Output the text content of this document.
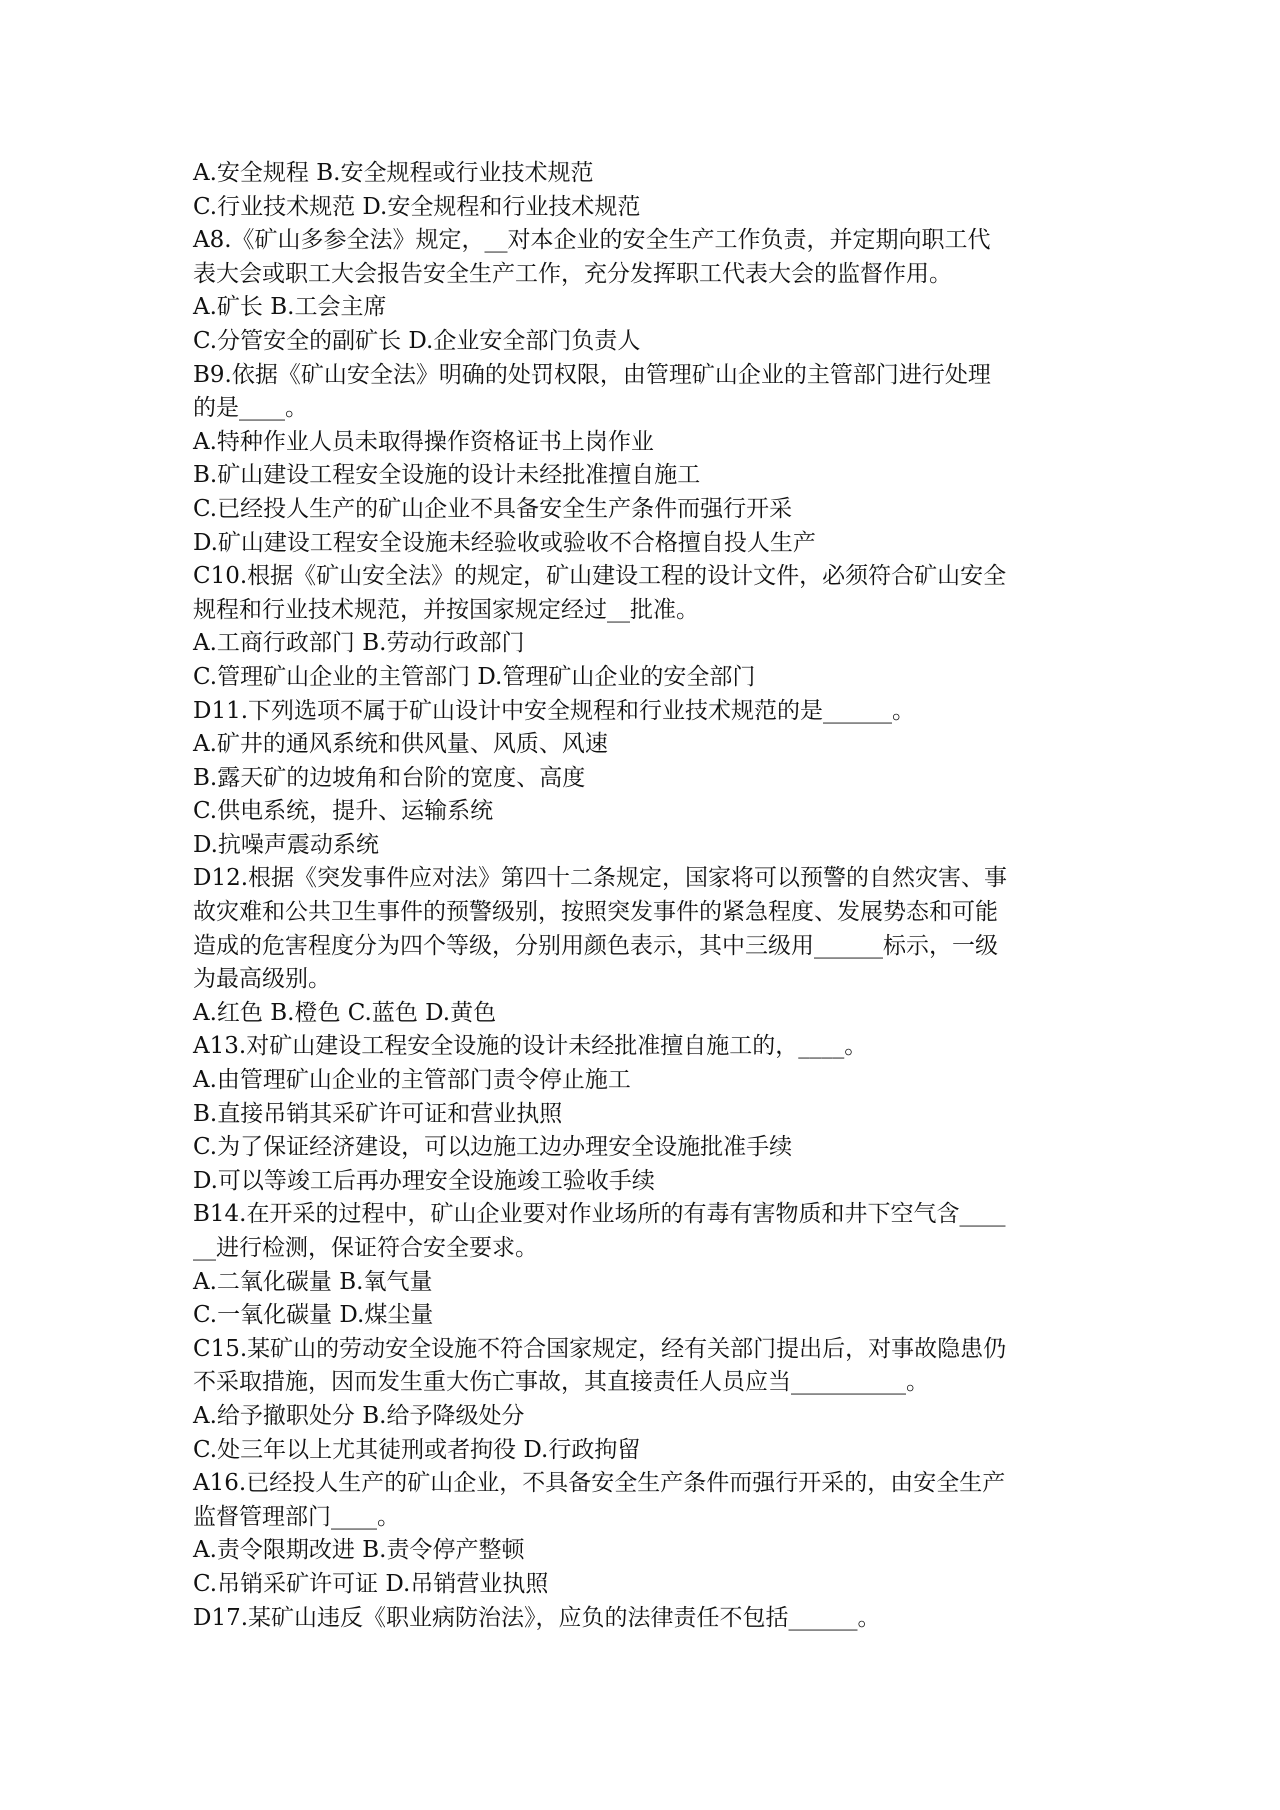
A.安全规程 B.安全规程或行业技术规范
C.行业技术规范 D.安全规程和行业技术规范
A8.《矿山多参全法》规定，__对本企业的安全生产工作负责，并定期向职工代
表大会或职工大会报告安全生产工作，充分发挥职工代表大会的监督作用。
A.矿长 B.工会主席
C.分管安全的副矿长 D.企业安全部门负责人
B9.依据《矿山安全法》明确的处罚权限，由管理矿山企业的主管部门进行处理
的是____。
A.特种作业人员未取得操作资格证书上岗作业
B.矿山建设工程安全设施的设计未经批准擅自施工
C.已经投人生产的矿山企业不具备安全生产条件而强行开采
D.矿山建设工程安全设施未经验收或验收不合格擅自投人生产
C10.根据《矿山安全法》的规定，矿山建设工程的设计文件，必须符合矿山安全
规程和行业技术规范，并按国家规定经过__批准。
A.工商行政部门 B.劳动行政部门
C.管理矿山企业的主管部门 D.管理矿山企业的安全部门
D11.下列选项不属于矿山设计中安全规程和行业技术规范的是______。
A.矿井的通风系统和供风量、风质、风速
B.露天矿的边坡角和台阶的宽度、高度
C.供电系统，提升、运输系统
D.抗噪声震动系统
D12.根据《突发事件应对法》第四十二条规定，国家将可以预警的自然灾害、事
故灾难和公共卫生事件的预警级别，按照突发事件的紧急程度、发展势态和可能
造成的危害程度分为四个等级，分别用颜色表示，其中三级用______标示，一级
为最高级别。
A.红色 B.橙色 C.蓝色 D.黄色
A13.对矿山建设工程安全设施的设计未经批准擅自施工的，____。
A.由管理矿山企业的主管部门责令停止施工
B.直接吊销其采矿许可证和营业执照
C.为了保证经济建设，可以边施工边办理安全设施批准手续
D.可以等竣工后再办理安全设施竣工验收手续
B14.在开采的过程中，矿山企业要对作业场所的有毒有害物质和井下空气含____
__进行检测，保证符合安全要求。
A.二氧化碳量 B.氧气量
C.一氧化碳量 D.煤尘量
C15.某矿山的劳动安全设施不符合国家规定，经有关部门提出后，对事故隐患仍
不采取措施，因而发生重大伤亡事故，其直接责任人员应当__________。
A.给予撤职处分 B.给予降级处分
C.处三年以上尤其徒刑或者拘役 D.行政拘留
A16.已经投人生产的矿山企业，不具备安全生产条件而强行开采的，由安全生产
监督管理部门____。
A.责令限期改进 B.责令停产整顿
C.吊销采矿许可证 D.吊销营业执照
D17.某矿山违反《职业病防治法》，应负的法律责任不包括______。
